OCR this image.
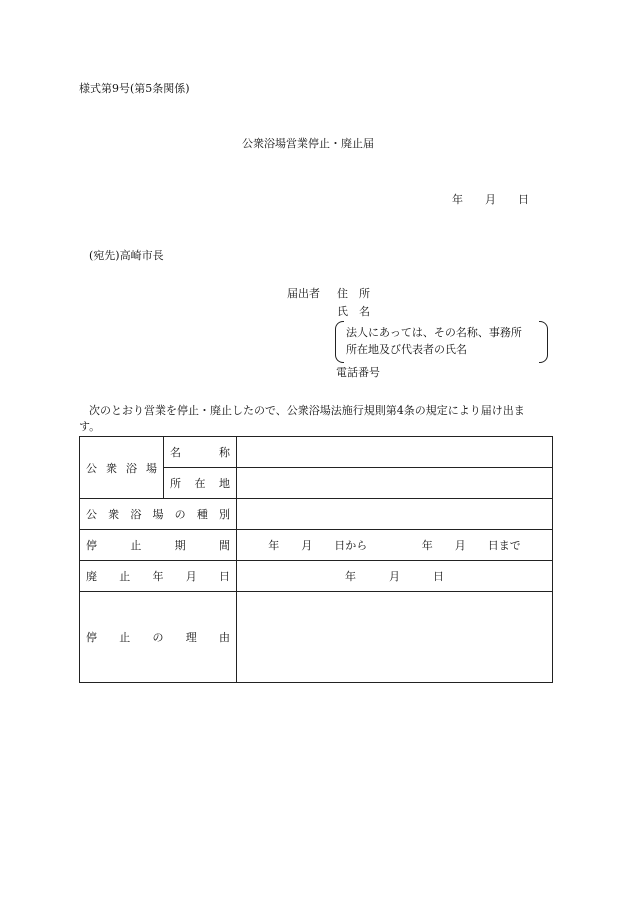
様式第9号(第5条関係)
公衆浴場営業停止・廃止届
年　　月　　日
(宛先)高崎市長
届出者 住　所
氏　名
法人にあっては、その名称、事務所
所在地及び代表者の氏名
電話番号
次のとおり営業を停止・廃止したので、公衆浴場法施行規則第4条の規定により届け出ま
す。
公衆浴場	名称	
	所在地	
公衆浴場の種別		
停止期間		年　　月　　日から 年　　月　　日まで

廃止年月日		年　　　月　　　日
停止の理由		
